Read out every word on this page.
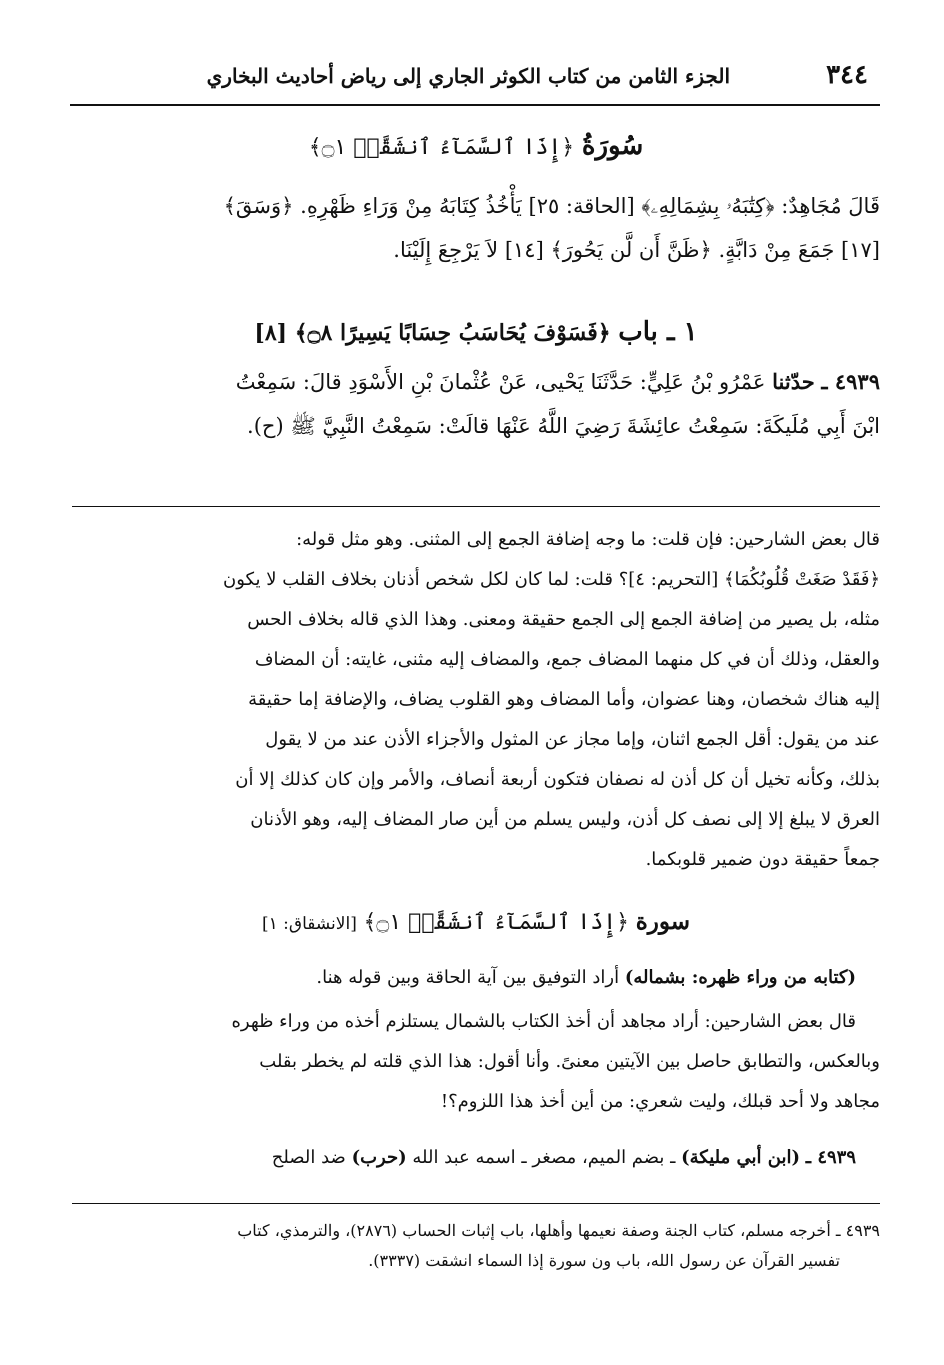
٣٤٤
الجزء الثامن من كتاب الكوثر الجاري إلى رياض أحاديث البخاري
سُورَةُ ﴿إِذَا ٱلسَّمَآءُ ٱنشَقَّتۡ ۝١﴾
قَالَ مُجَاهِدٌ: ﴿كِتَٰبَهُۥ بِشِمَالِهِۦ﴾ [الحاقة: ٢٥] يَأْخُذُ كِتَابَهُ مِنْ وَرَاءِ ظَهْرِهِ. ﴿وَسَقَ﴾
[١٧] جَمَعَ مِنْ دَابَّةٍ. ﴿ظَنَّ أَن لَّن يَحُورَ﴾ [١٤] لاَ يَرْجِعَ إِلَيْنَا.
١ ـ باب ﴿فَسَوْفَ يُحَاسَبُ حِسَابًا يَسِيرًا ۝٨﴾ [٨]
٤٩٣٩ ـ حدّثنا عَمْرُو بْنُ عَلِيٍّ: حَدَّثَنَا يَحْيى، عَنْ عُثْمانَ بْنِ الأَسْوَدِ قالَ: سَمِعْتُ
ابْنَ أَبِي مُلَيكَةَ: سَمِعْتُ عائِشَةَ رَضِيَ اللَّهُ عَنْهَا قالَتْ: سَمِعْتُ النَّبِيَّ ﷺ (ح).
قال بعض الشارحين: فإن قلت: ما وجه إضافة الجمع إلى المثنى. وهو مثل قوله:
﴿فَقَدْ صَغَتْ قُلُوبُكُمَا﴾ [التحريم: ٤]؟ قلت: لما كان لكل شخص أذنان بخلاف القلب لا يكون
مثله، بل يصير من إضافة الجمع إلى الجمع حقيقة ومعنى. وهذا الذي قاله بخلاف الحس
والعقل، وذلك أن في كل منهما المضاف جمع، والمضاف إليه مثنى، غايته: أن المضاف
إليه هناك شخصان، وهنا عضوان، وأما المضاف وهو القلوب يضاف، والإضافة إما حقيقة
عند من يقول: أقل الجمع اثنان، وإما مجاز عن المثول والأجزاء الأذن عند من لا يقول
بذلك، وكأنه تخيل أن كل أذن له نصفان فتكون أربعة أنصاف، والأمر وإن كان كذلك إلا أن
العرق لا يبلغ إلا إلى نصف كل أذن، وليس يسلم من أين صار المضاف إليه، وهو الأذنان
جمعاً حقيقة دون ضمير قلوبكما.
سورة ﴿إِذَا ٱلسَّمَآءُ ٱنشَقَّتۡ ۝١﴾ [الانشقاق: ١]
(كتابه من وراء ظهره: بشماله) أراد التوفيق بين آية الحاقة وبين قوله هنا.
قال بعض الشارحين: أراد مجاهد أن أخذ الكتاب بالشمال يستلزم أخذه من وراء ظهره
وبالعكس، والتطابق حاصل بين الآيتين معنىً. وأنا أقول: هذا الذي قلته لم يخطر بقلب
مجاهد ولا أحد قبلك، وليت شعري: من أين أخذ هذا اللزوم؟!
٤٩٣٩ ـ (ابن أبي مليكة) ـ بضم الميم، مصغر ـ اسمه عبد الله (حرب) ضد الصلح
٤٩٣٩ ـ أخرجه مسلم، كتاب الجنة وصفة نعيمها وأهلها، باب إثبات الحساب (٢٨٧٦)، والترمذي، كتاب
تفسير القرآن عن رسول الله، باب ون سورة إذا السماء انشقت (٣٣٣٧).
